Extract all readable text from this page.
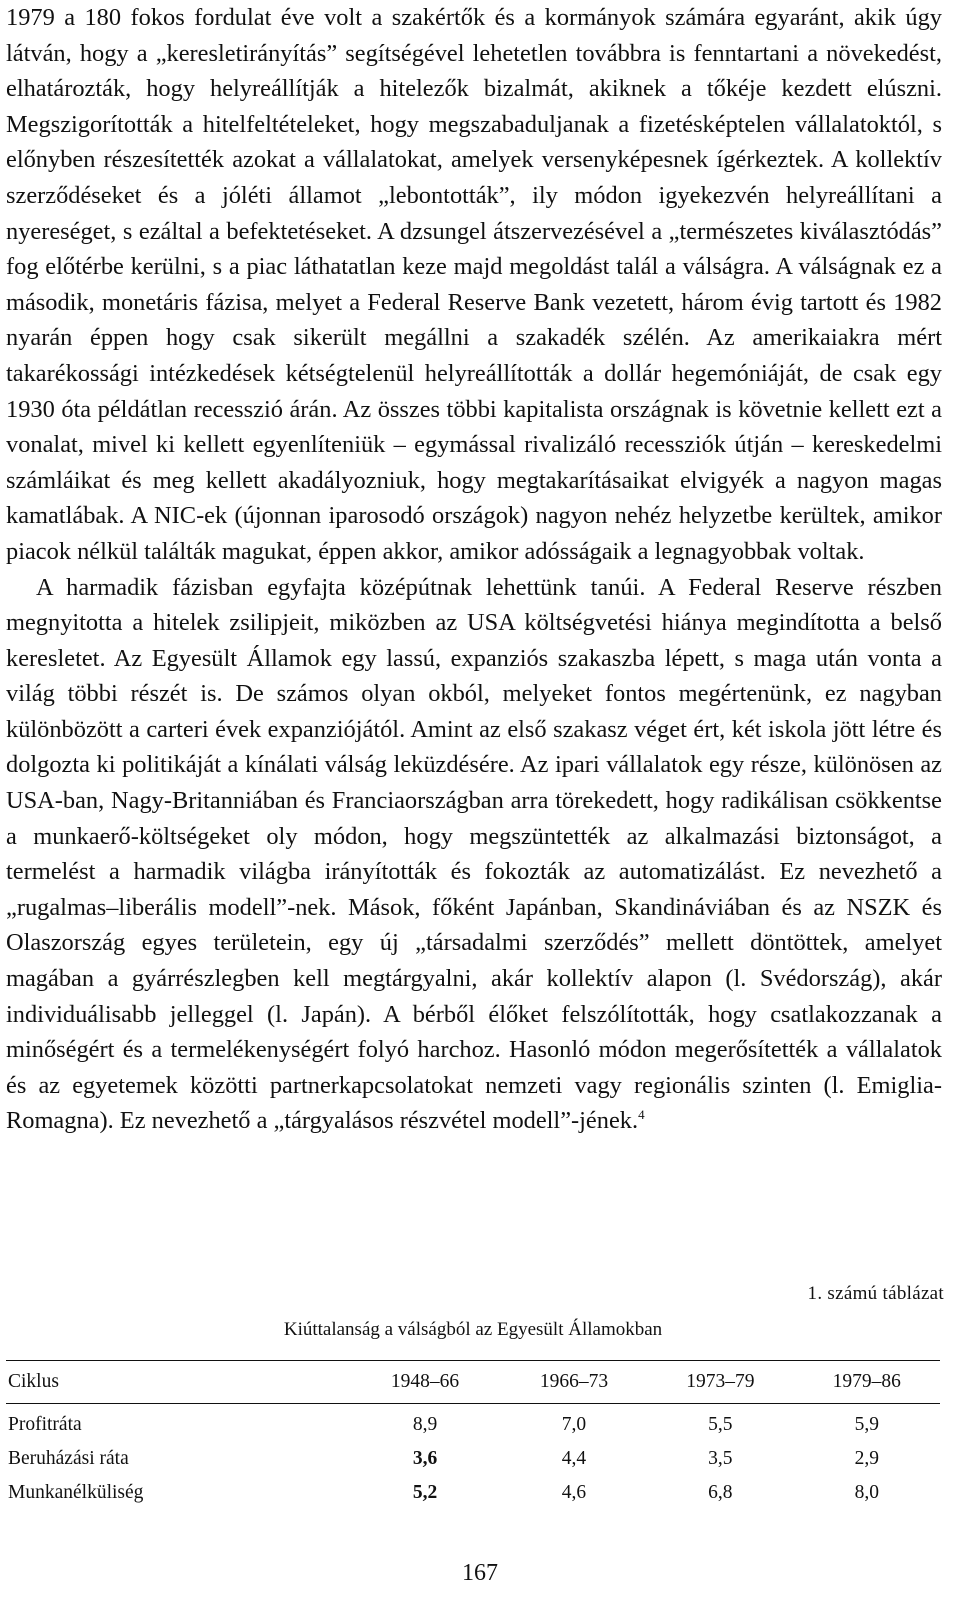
1979 a 180 fokos fordulat éve volt a szakértők és a kormányok számára egyaránt, akik úgy látván, hogy a „keresletirányítás” segítségével lehetetlen továbbra is fenntartani a növekedést, elhatározták, hogy helyreállítják a hitelezők bizalmát, akiknek a tőkéje kezdett elúszni. Megszigorították a hitelfeltételeket, hogy megszabaduljanak a fizetésképtelen vállalatoktól, s előnyben részesítették azokat a vállalatokat, amelyek versenyképesnek ígérkeztek. A kollektív szerződéseket és a jóléti államot „lebontották”, ily módon igyekezvén helyreállítani a nyereséget, s ezáltal a befektetéseket. A dzsungel átszervezésével a „természetes kiválasztódás” fog előtérbe kerülni, s a piac láthatatlan keze majd megoldást talál a válságra. A válságnak ez a második, monetáris fázisa, melyet a Federal Reserve Bank vezetett, három évig tartott és 1982 nyarán éppen hogy csak sikerült megállni a szakadék szélén. Az amerikaiakra mért takarékossági intézkedések kétségtelenül helyreállították a dollár hegemóniáját, de csak egy 1930 óta példátlan recesszió árán. Az összes többi kapitalista országnak is követnie kellett ezt a vonalat, mivel ki kellett egyenlíteniük – egymással rivalizáló recessziók útján – kereskedelmi számláikat és meg kellett akadályozniuk, hogy megtakarításaikat elvigyék a nagyon magas kamatlábak. A NIC-ek (újonnan iparosodó országok) nagyon nehéz helyzetbe kerültek, amikor piacok nélkül találták magukat, éppen akkor, amikor adósságaik a legnagyobbak voltak.

A harmadik fázisban egyfajta középútnak lehettünk tanúi. A Federal Reserve részben megnyitotta a hitelek zsilipjeit, miközben az USA költségvetési hiánya megindította a belső keresletet. Az Egyesült Államok egy lassú, expanziós szakaszba lépett, s maga után vonta a világ többi részét is. De számos olyan okból, melyeket fontos megértenünk, ez nagyban különbözött a carteri évek expanziójától. Amint az első szakasz véget ért, két iskola jött létre és dolgozta ki politikáját a kínálati válság leküzdésére. Az ipari vállalatok egy része, különösen az USA-ban, Nagy-Britanniában és Franciaországban arra törekedett, hogy radikálisan csökkentse a munkaerő-költségeket oly módon, hogy megszüntették az alkalmazási biztonságot, a termelést a harmadik világba irányították és fokozták az automatizálást. Ez nevezhető a „rugalmas–liberális modell”-nek. Mások, főként Japánban, Skandináviában és az NSZK és Olaszország egyes területein, egy új „társadalmi szerződés” mellett döntöttek, amelyet magában a gyárrészlegben kell megtárgyalni, akár kollektív alapon (l. Svédország), akár individuálisabb jelleggel (l. Japán). A bérből élőket felszólították, hogy csatlakozzanak a minőségért és a termelékenységért folyó harchoz. Hasonló módon megerősítették a vállalatok és az egyetemek közötti partnerkapcsolatokat nemzeti vagy regionális szinten (l. Emiglia-Romagna). Ez nevezhető a „tárgyalásos részvétel modell”-jének.$^4$

1. számú táblázat
Kiúttalanság a válságból az Egyesült Államokban
Ciklus	1948–66	1966–73	1973–79	1979–86
Profitráta	8,9	7,0	5,5	5,9
Beruházási ráta	3,6	4,4	3,5	2,9
Munkanélküliség	5,2	4,6	6,8	8,0
167
